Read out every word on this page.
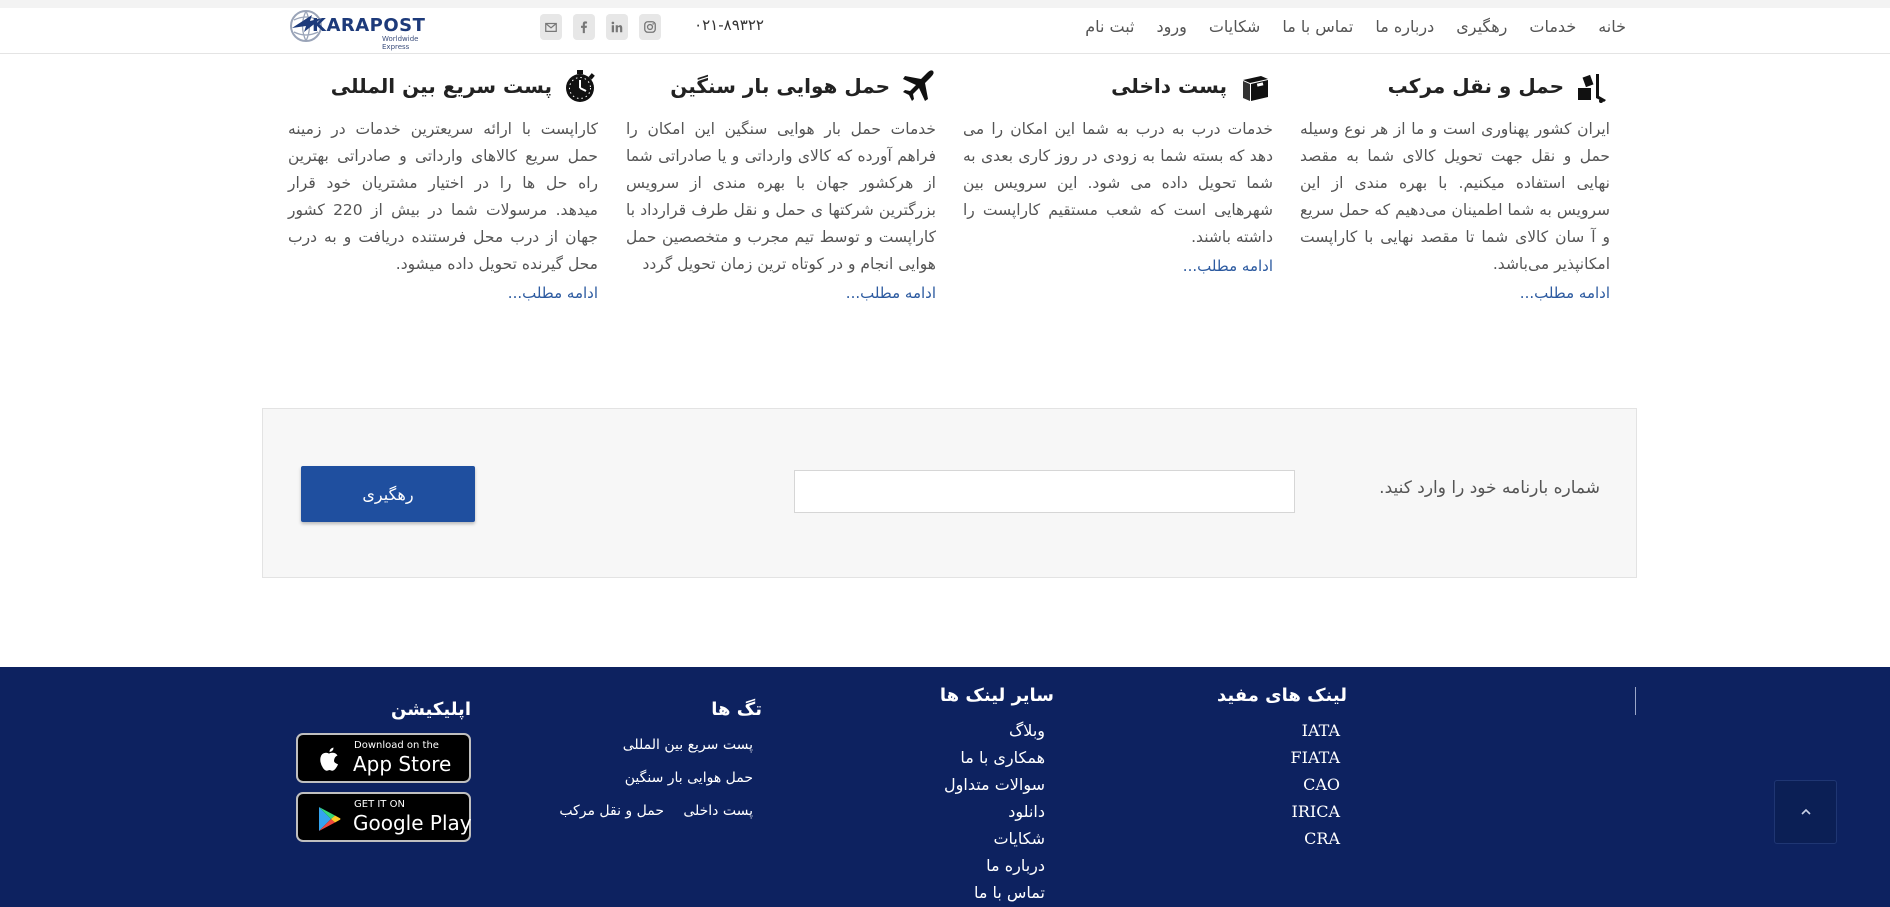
KARAPOST
Worldwide Express
۰۲۱-۸۹۳۲۲	خانه
خدمات
رهگیری
درباره ما
تماس با ما
شکایات
ورود
ثبت نام
حمل و نقل مرکب

ایران کشور پهناوری است و ما از هر نوع وسیله حمل و نقل جهت تحویل کالای شما به مقصد نهایی استفاده میکنیم. با بهره مندی از این سرویس به شما اطمینان می‌دهیم که حمل سریع و آ سان کالای شما تا مقصد نهایی با کاراپست امکانپذیر می‌باشد.

ادامه مطلب...
پست داخلی

خدمات درب به درب به شما این امکان را می دهد که بسته شما به زودی در روز کاری بعدی به شما تحویل داده می شود. این سرویس بین شهرهایی است که شعب مستقیم کاراپست را داشته باشند.

ادامه مطلب...
حمل هوایی بار سنگین

خدمات حمل بار هوایی سنگین این امکان را فراهم آورده که کالای وارداتی و یا صادراتی شما از هرکشور جهان با بهره مندی از سرویس بزرگترین شرکتها ی حمل و نقل طرف قرارداد با کاراپست و توسط تیم مجرب و متخصصین حمل هوایی انجام و در کوتاه ترین زمان تحویل گردد

ادامه مطلب...
پست سریع بین المللی

کاراپست با ارائه سریعترین خدمات در زمینه حمل سریع کالاهای وارداتی و صادراتی بهترین راه حل ها را در اختیار مشتریان خود قرار میدهد. مرسولات شما در بیش از 220 کشور جهان از درب محل فرستنده دریافت و به درب محل گیرنده تحویل داده میشود.

ادامه مطلب...
شماره بارنامه خود را وارد کنید.
رهگیری
لینک های مفید
IATA
FIATA
CAO
IRICA
CRA
سایر لینک ها
وبلاگ
همکاری با ما
سوالات متداول
دانلود
شکایات
درباره ما
تماس با ما
تگ ها
پست سریع بین المللی
حمل هوایی بار سنگین
پست داخلی
حمل و نقل مرکب
اپلیکیشن
Download on the
App Store
GET IT ON
Google Play
